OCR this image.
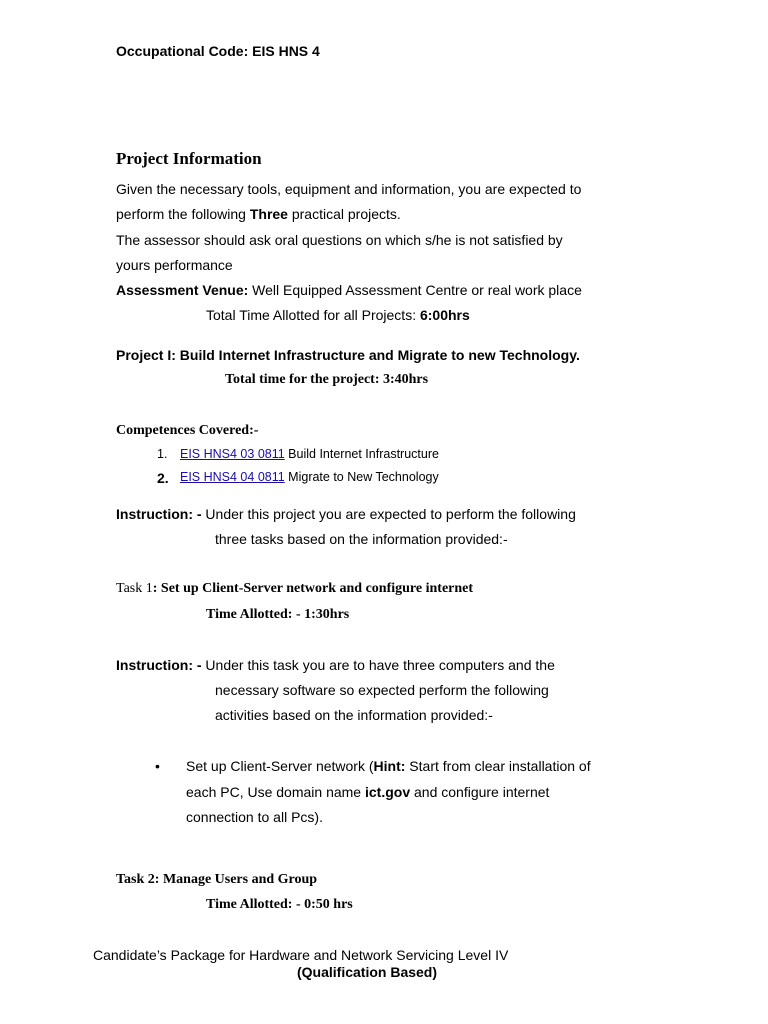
Occupational Code: EIS HNS 4
Project Information
Given the necessary tools, equipment and information, you are expected to
perform the following Three practical projects.
The assessor should ask oral questions on which s/he is not satisfied by
yours performance
Assessment Venue: Well Equipped Assessment Centre or real work place
Total Time Allotted for all Projects: 6:00hrs
Project I: Build Internet Infrastructure and Migrate to new Technology.
Total time for the project: 3:40hrs
Competences Covered:-
1. EIS HNS4 03 0811 Build Internet Infrastructure
2. EIS HNS4 04 0811 Migrate to New Technology
Instruction: - Under this project you are expected to perform the following
three tasks based on the information provided:-
Task 1: Set up Client-Server network and configure internet
Time Allotted: - 1:30hrs
Instruction: - Under this task you are to have three computers and the
necessary software so expected perform the following
activities based on the information provided:-
• Set up Client-Server network (Hint: Start from clear installation of
each PC, Use domain name ict.gov and configure internet
connection to all Pcs).
Task 2: Manage Users and Group
Time Allotted: - 0:50 hrs
Candidate’s Package for Hardware and Network Servicing Level IV
(Qualification Based)
